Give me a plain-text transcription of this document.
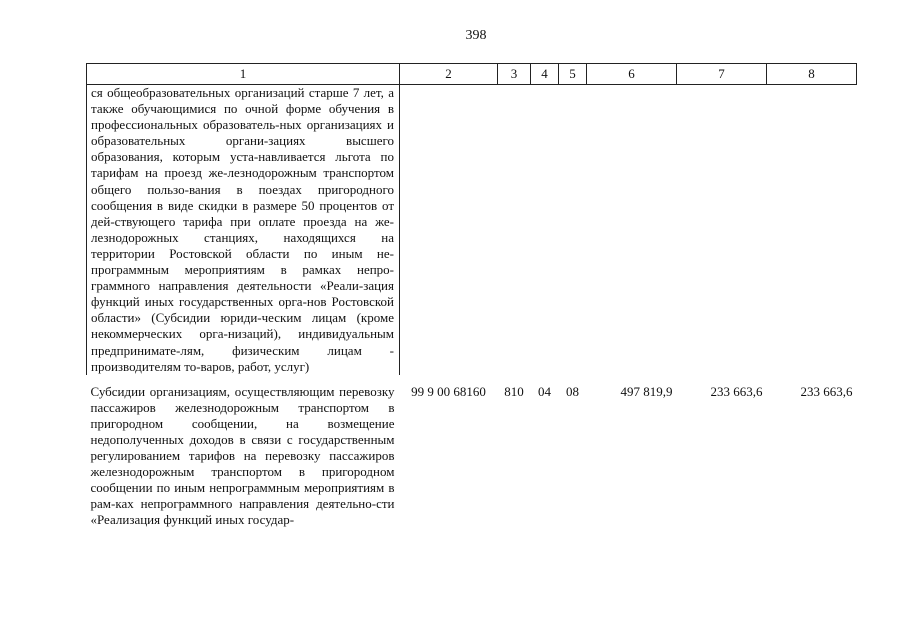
398
1	2	3	4	5	6	7	8

ся общеобразовательных организаций старше 7 лет, а также обучающимися по очной форме обучения в профессиональных образователь-ных организациях и образовательных органи-зациях высшего образования, которым уста-навливается льгота по тарифам на проезд же-лезнодорожным транспортом общего пользо-вания в поездах пригородного сообщения в виде скидки в размере 50 процентов от дей-ствующего тарифа при оплате проезда на же-лезнодорожных станциях, находящихся на территории Ростовской области по иным не-программным мероприятиям в рамках непро-граммного направления деятельности «Реали-зация функций иных государственных орга-нов Ростовской области» (Субсидии юриди-ческим лицам (кроме некоммерческих орга-низаций), индивидуальным предпринимате-лям, физическим лицам - производителям то-варов, работ, услуг)							

Субсидии организациям, осуществляющим перевозку пассажиров железнодорожным транспортом в пригородном сообщении, на возмещение недополученных доходов в связи с государственным регулированием тарифов на перевозку пассажиров железнодорожным транспортом в пригородном сообщении по иным непрограммным мероприятиям в рам-ках непрограммного направления деятельно-сти «Реализация функций иных государ-	99 9 00 68160	810	04	08	497 819,9	233 663,6	233 663,6
